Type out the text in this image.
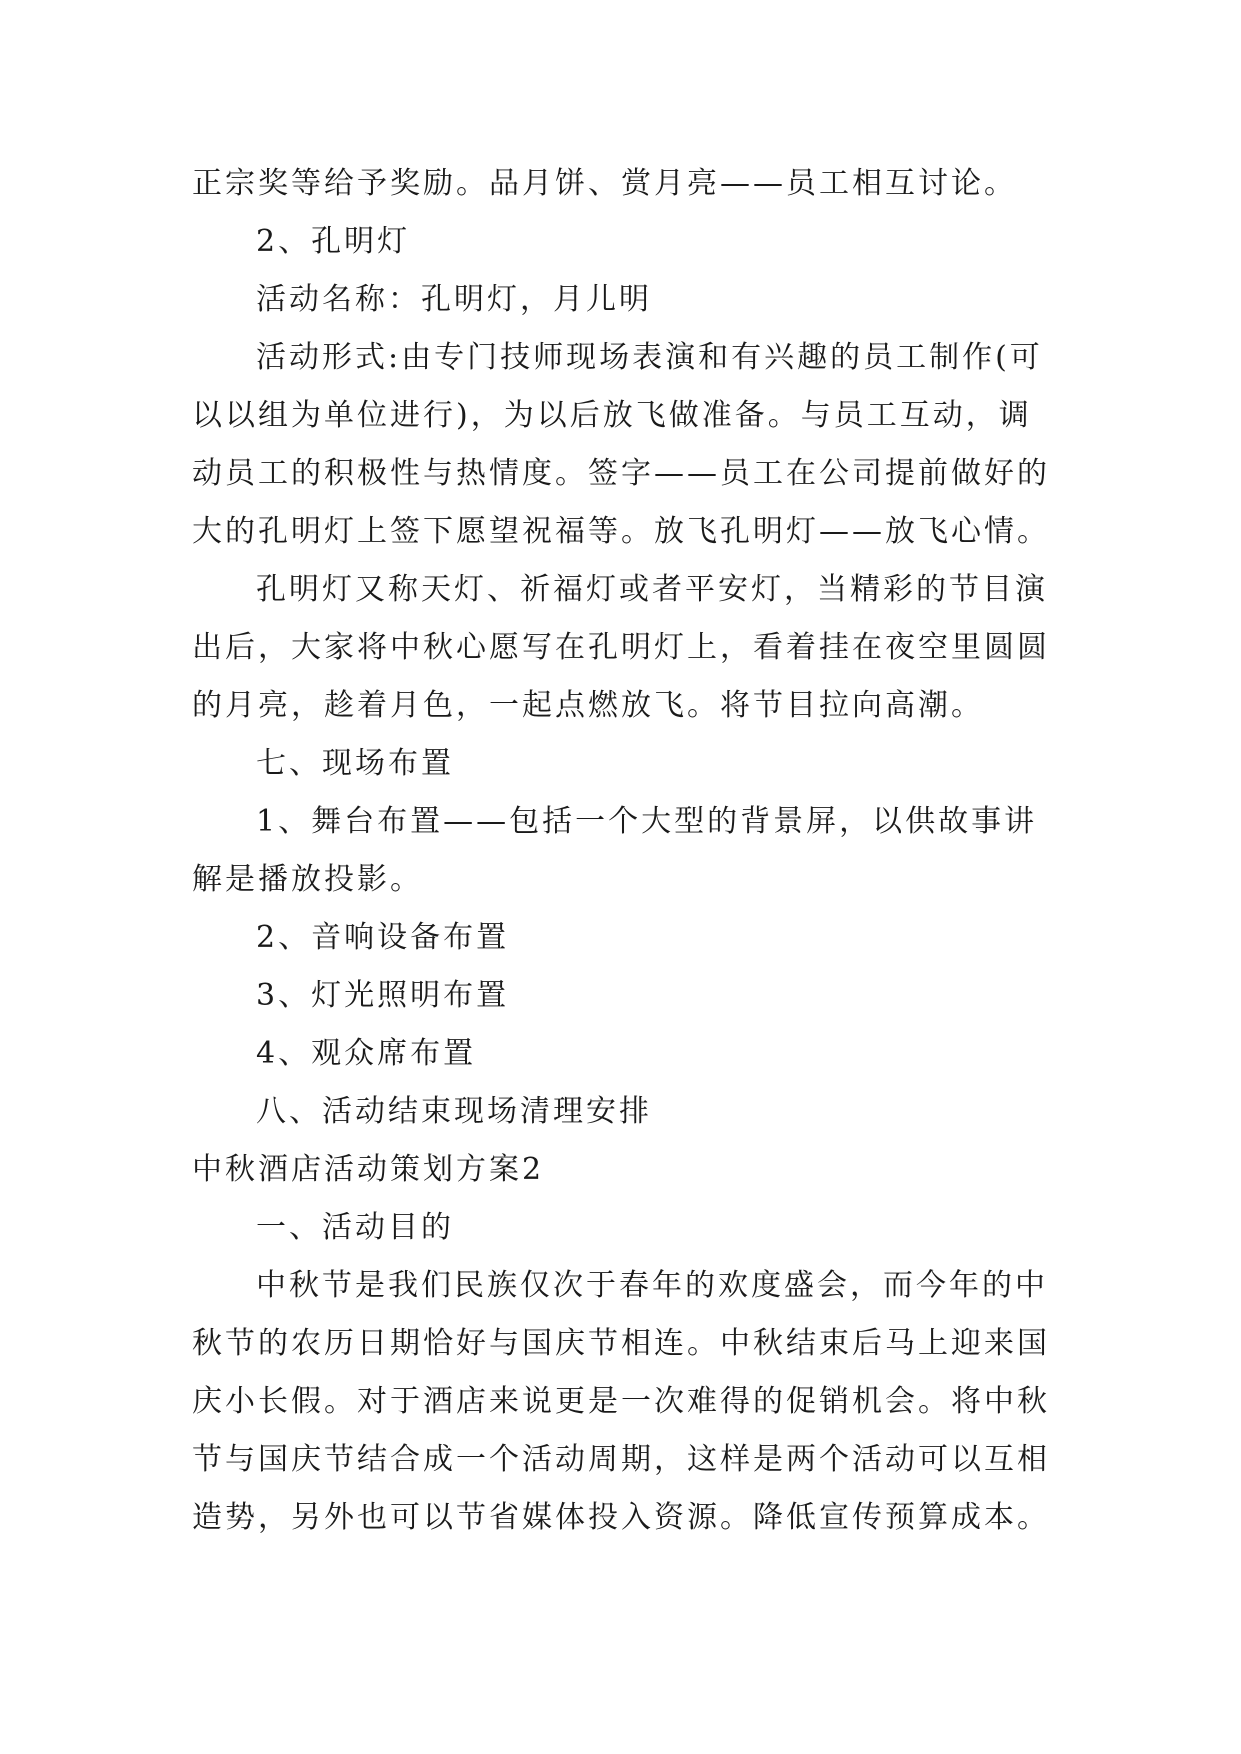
正宗奖等给予奖励。品月饼、赏月亮——员工相互讨论。

2、孔明灯

活动名称：孔明灯，月儿明

活动形式:由专门技师现场表演和有兴趣的员工制作(可
以以组为单位进行)，为以后放飞做准备。与员工互动，调
动员工的积极性与热情度。签字——员工在公司提前做好的
大的孔明灯上签下愿望祝福等。放飞孔明灯——放飞心情。
孔明灯又称天灯、祈福灯或者平安灯，当精彩的节目演
出后，大家将中秋心愿写在孔明灯上，看着挂在夜空里圆圆
的月亮，趁着月色，一起点燃放飞。将节目拉向高潮。

七、现场布置

1、舞台布置——包括一个大型的背景屏，以供故事讲
解是播放投影。

2、音响设备布置

3、灯光照明布置

4、观众席布置

八、活动结束现场清理安排

中秋酒店活动策划方案2

一、活动目的

中秋节是我们民族仅次于春年的欢度盛会，而今年的中
秋节的农历日期恰好与国庆节相连。中秋结束后马上迎来国
庆小长假。对于酒店来说更是一次难得的促销机会。将中秋
节与国庆节结合成一个活动周期，这样是两个活动可以互相
造势，另外也可以节省媒体投入资源。降低宣传预算成本。
